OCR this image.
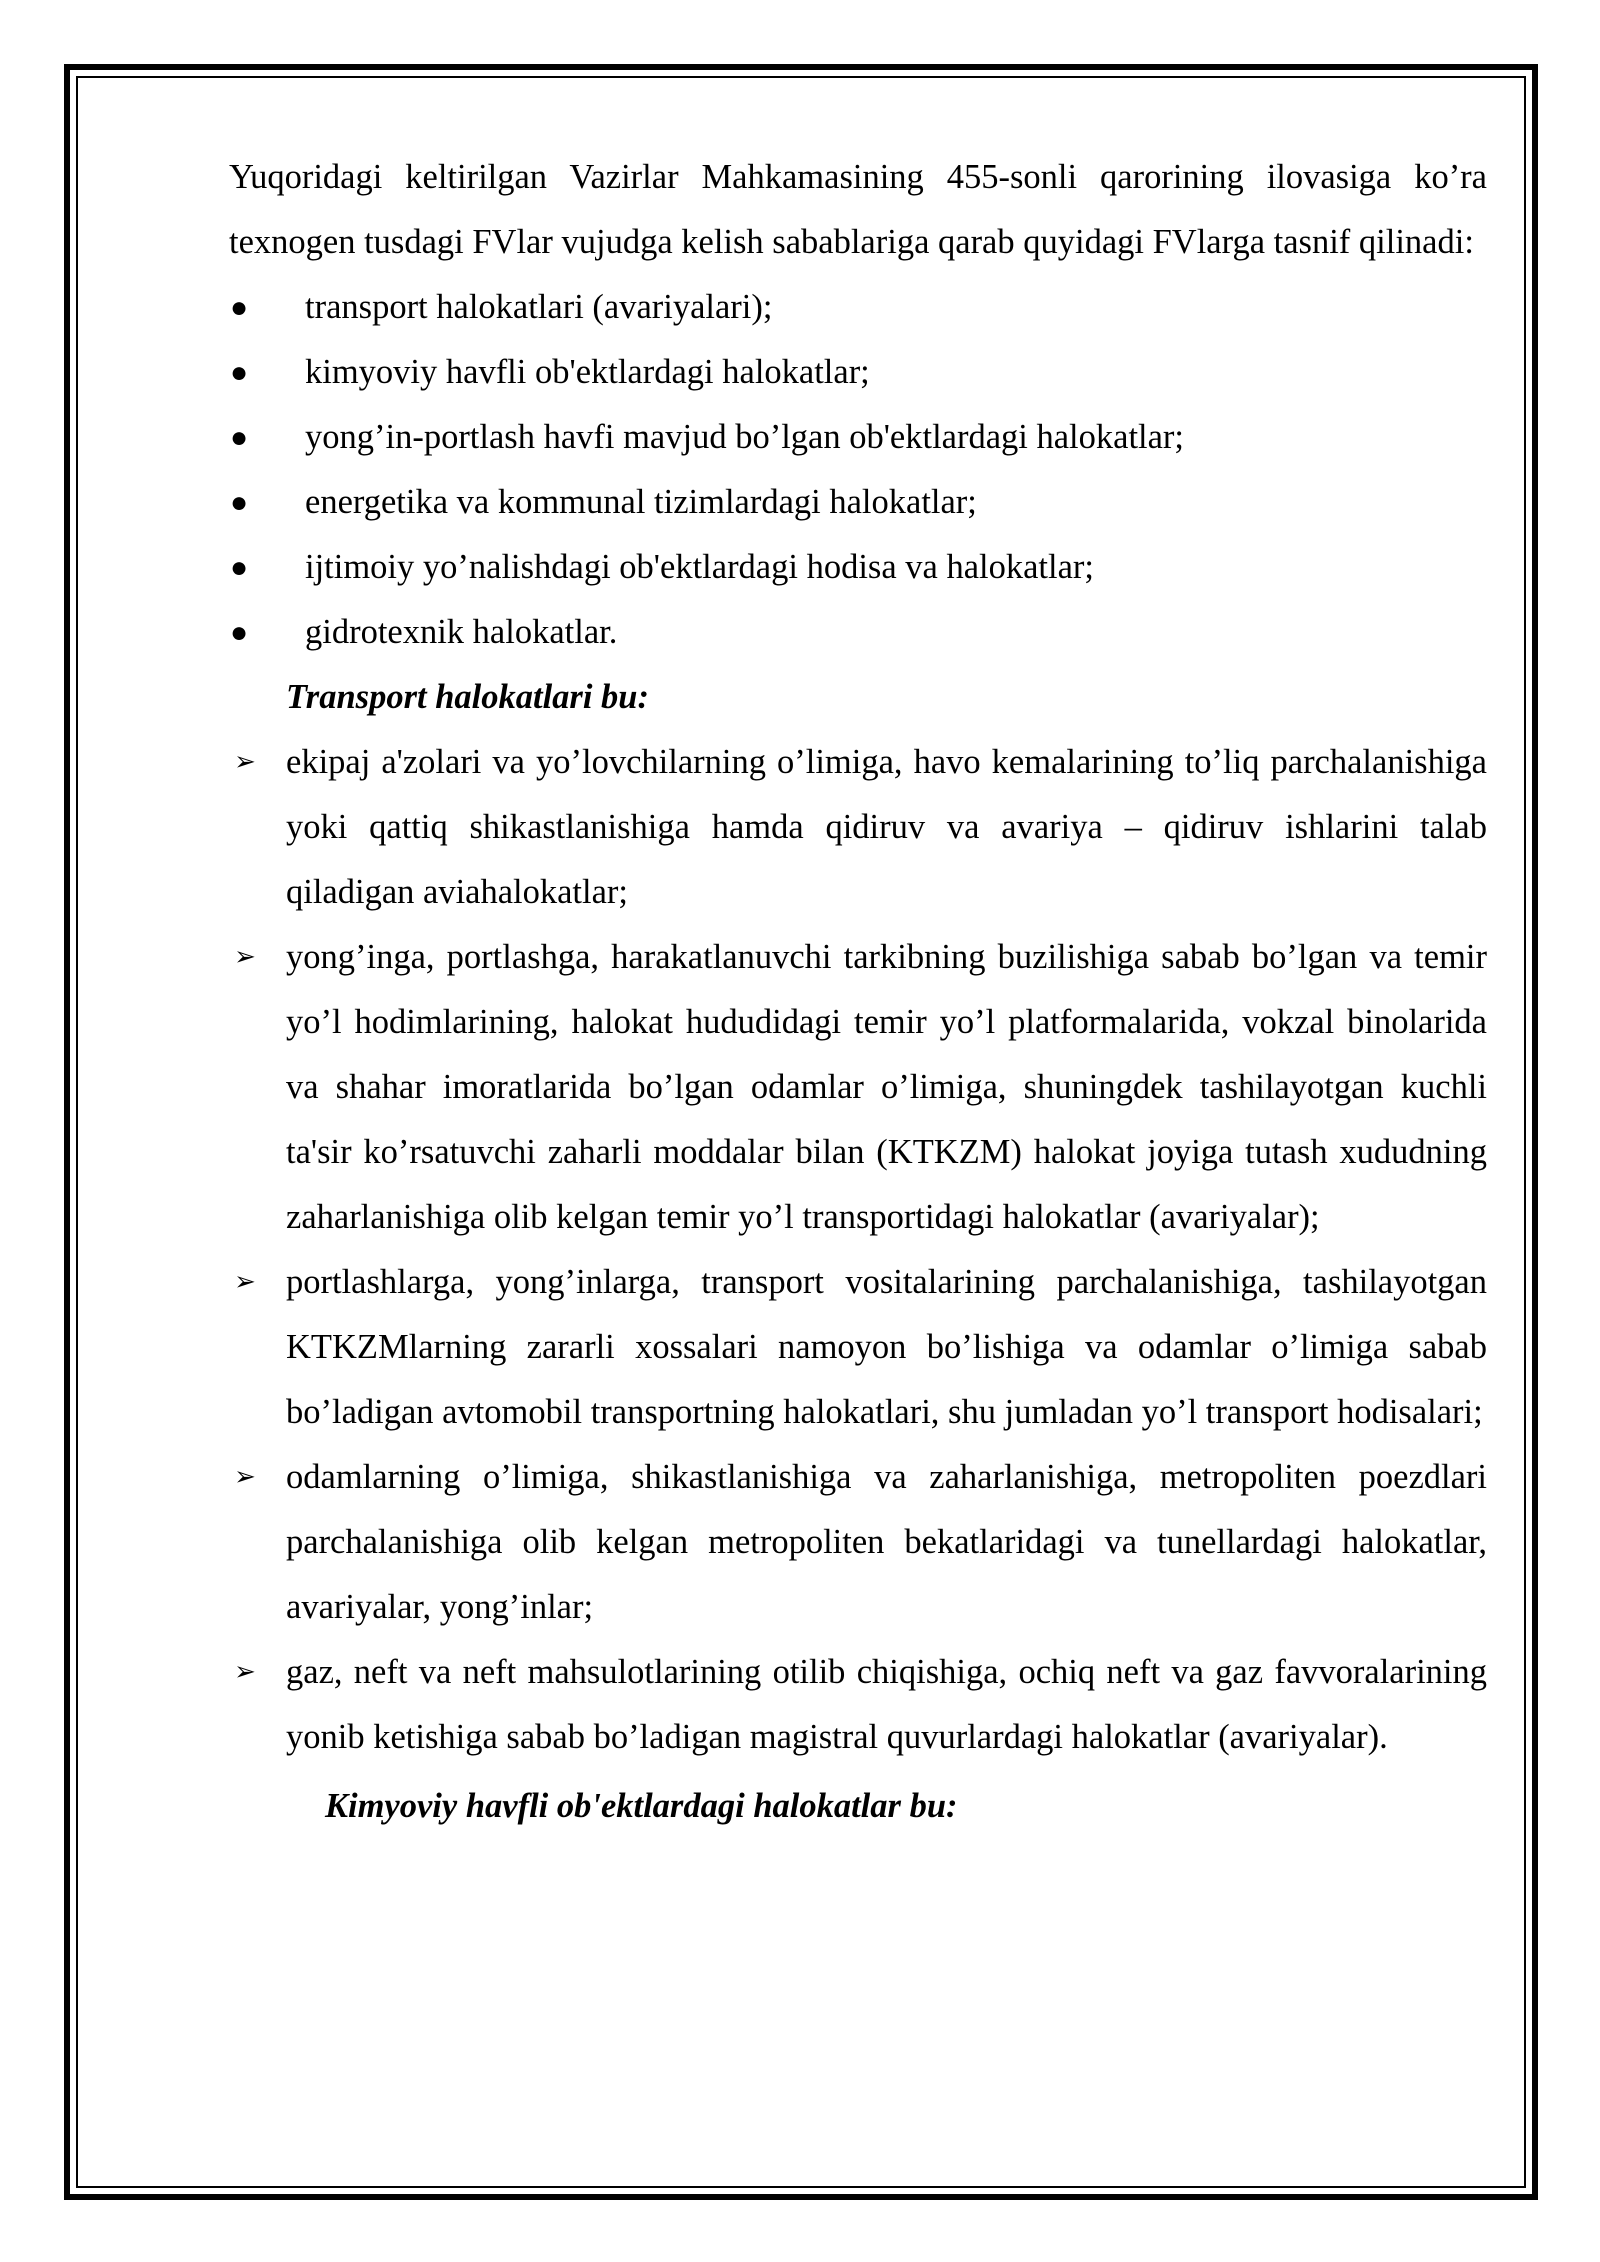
Yuqoridagi keltirilgan Vazirlar Mahkamasining 455-sonli qarorining ilovasiga ko’ra texnogen tusdagi FVlar vujudga kelish sabablariga qarab quyidagi FVlarga tasnif qilinadi:

● transport halokatlari (avariyalari);
● kimyoviy havfli ob'ektlardagi halokatlar;
● yong’in-portlash havfi mavjud bo’lgan ob'ektlardagi halokatlar;
● energetika va kommunal tizimlardagi halokatlar;
● ijtimoiy yo’nalishdagi ob'ektlardagi hodisa va halokatlar;
● gidrotexnik halokatlar.

Transport halokatlari bu:

➢ ekipaj a'zolari va yo’lovchilarning o’limiga, havo kemalarining to’liq parchalanishiga yoki qattiq shikastlanishiga hamda qidiruv va avariya – qidiruv ishlarini talab qiladigan aviahalokatlar;
➢ yong’inga, portlashga, harakatlanuvchi tarkibning buzilishiga sabab bo’lgan va temir yo’l hodimlarining, halokat hududidagi temir yo’l platformalarida, vokzal binolarida va shahar imoratlarida bo’lgan odamlar o’limiga, shuningdek tashilayotgan kuchli ta'sir ko’rsatuvchi zaharli moddalar bilan (KTKZM) halokat joyiga tutash xududning zaharlanishiga olib kelgan temir yo’l transportidagi halokatlar (avariyalar);
➢ portlashlarga, yong’inlarga, transport vositalarining parchalanishiga, tashilayotgan KTKZMlarning zararli xossalari namoyon bo’lishiga va odamlar o’limiga sabab bo’ladigan avtomobil transportning halokatlari, shu jumladan yo’l transport hodisalari;
➢ odamlarning o’limiga, shikastlanishiga va zaharlanishiga, metropoliten poezdlari parchalanishiga olib kelgan metropoliten bekatlaridagi va tunellardagi halokatlar, avariyalar, yong’inlar;
➢ gaz, neft va neft mahsulotlarining otilib chiqishiga, ochiq neft va gaz favvoralarining yonib ketishiga sabab bo’ladigan magistral quvurlardagi halokatlar (avariyalar).

Kimyoviy havfli ob'ektlardagi halokatlar bu:
